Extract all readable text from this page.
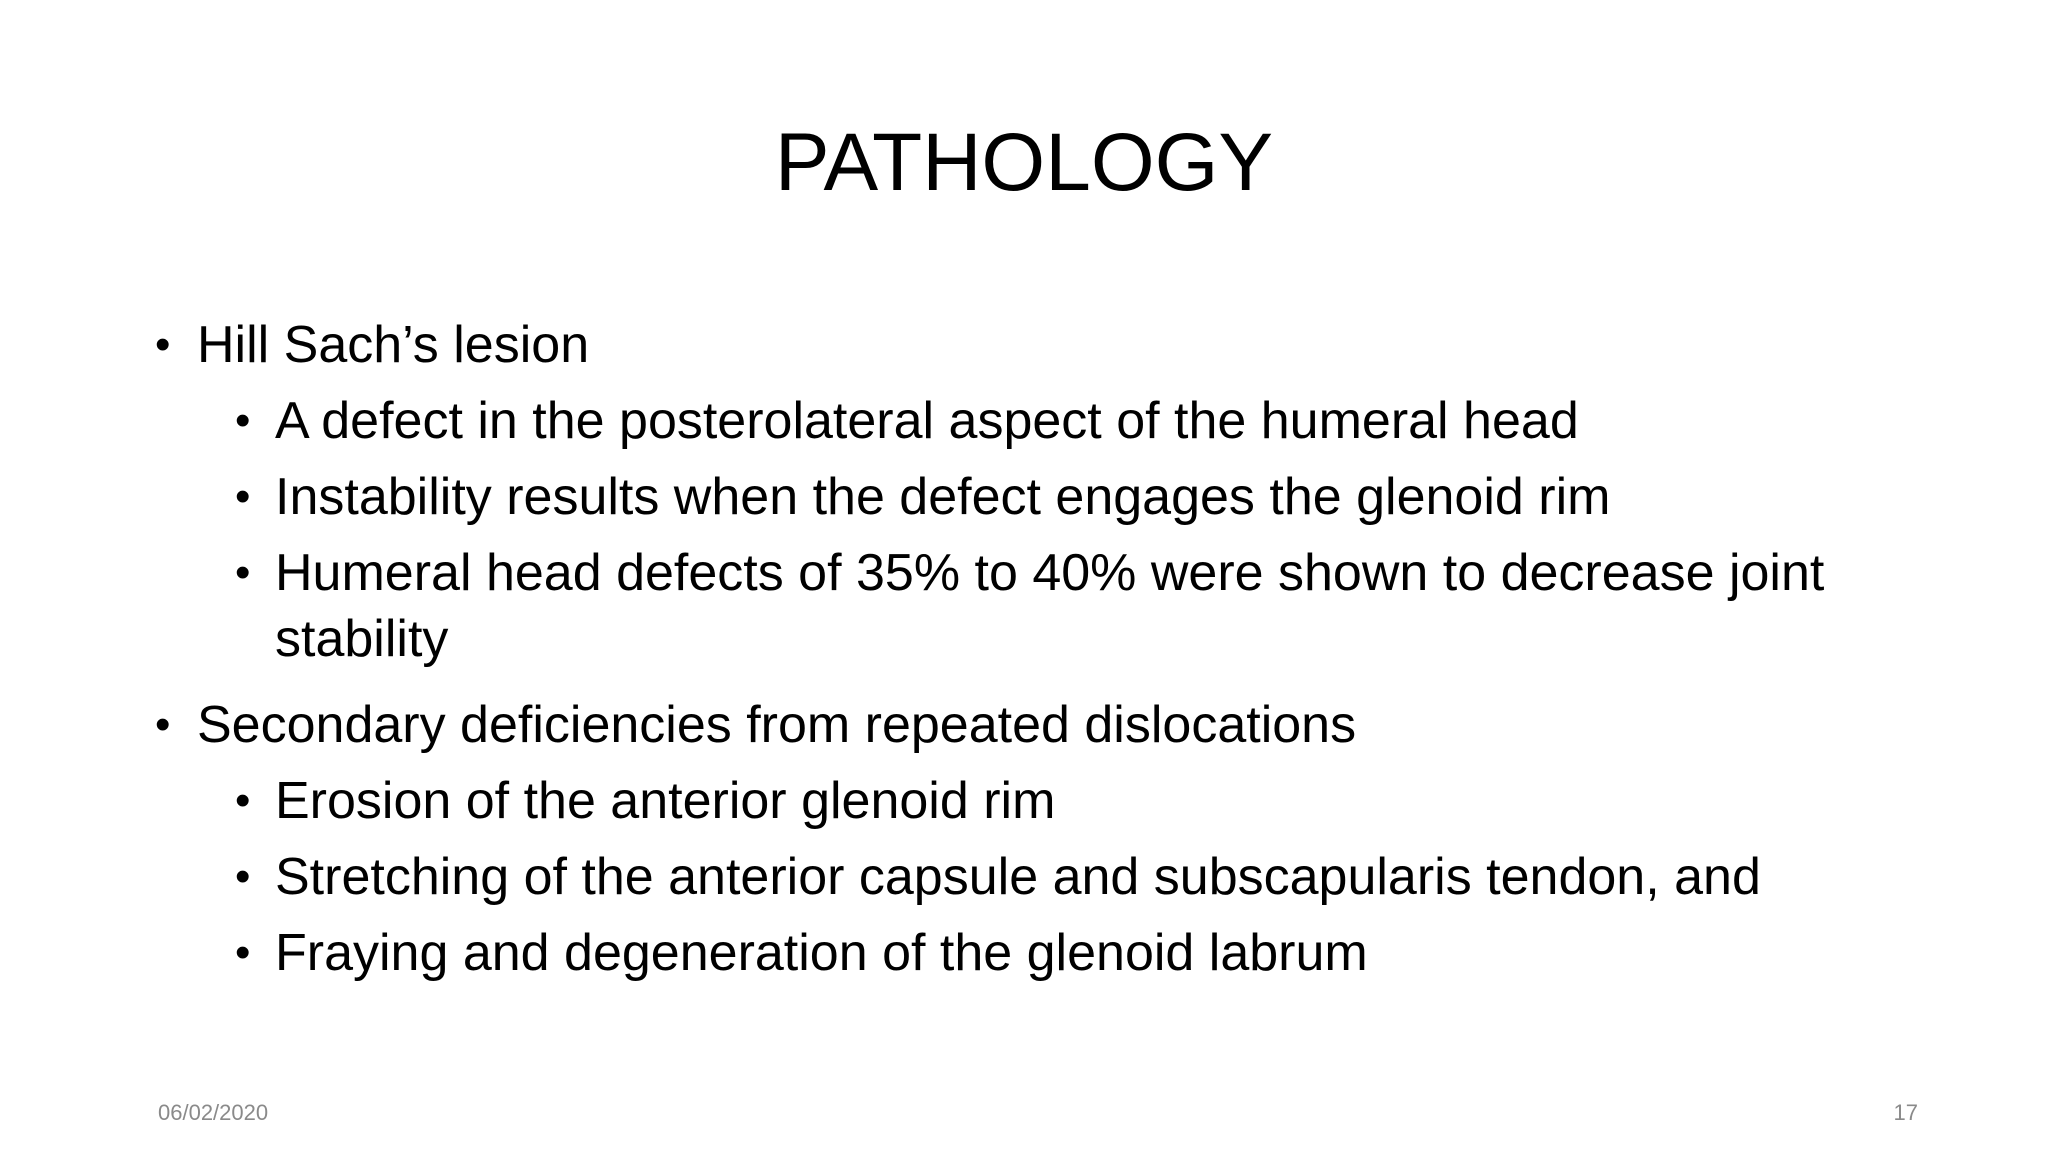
PATHOLOGY
• Hill Sach’s lesion
• A defect in the posterolateral aspect of the humeral head
• Instability results when the defect engages the glenoid rim
• Humeral head defects of 35% to 40% were shown to decrease joint stability
• Secondary deficiencies from repeated dislocations
• Erosion of the anterior glenoid rim
• Stretching of the anterior capsule and subscapularis tendon, and
• Fraying and degeneration of the glenoid labrum
06/02/2020	17
